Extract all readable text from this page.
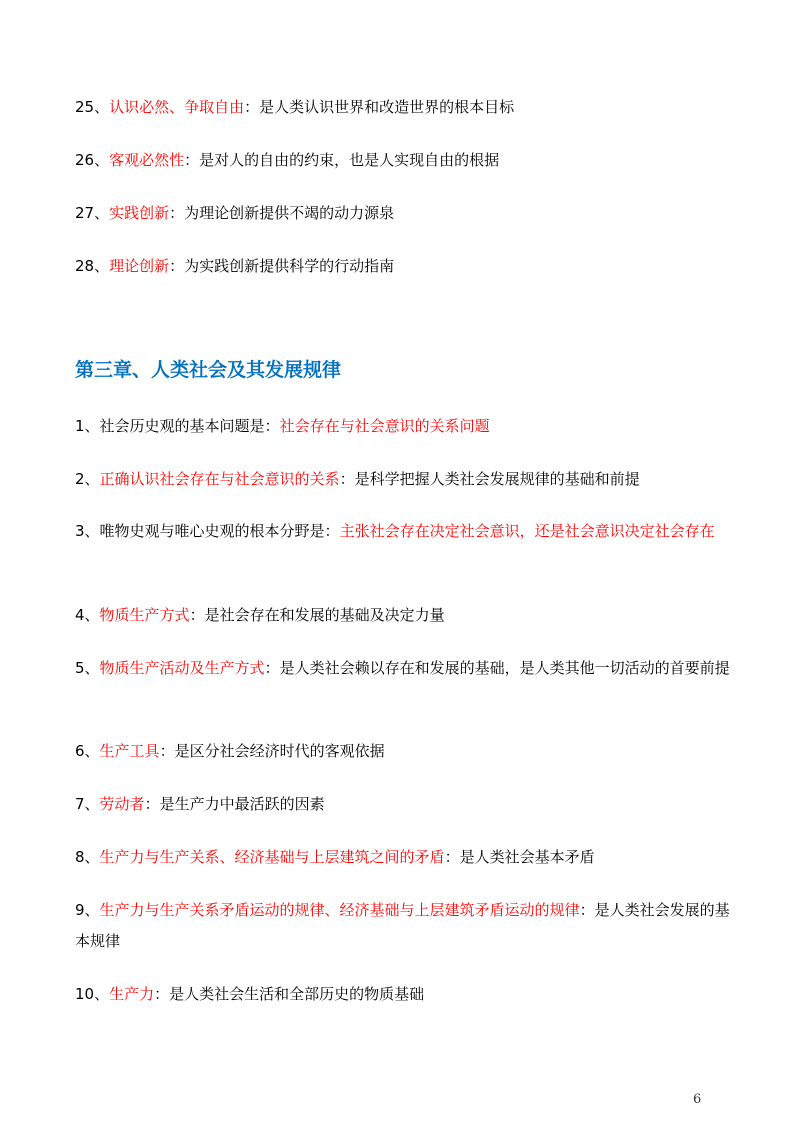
25、认识必然、争取自由：是人类认识世界和改造世界的根本目标
26、客观必然性：是对人的自由的约束，也是人实现自由的根据
27、实践创新：为理论创新提供不竭的动力源泉
28、理论创新：为实践创新提供科学的行动指南
第三章、人类社会及其发展规律
1、社会历史观的基本问题是：社会存在与社会意识的关系问题
2、正确认识社会存在与社会意识的关系：是科学把握人类社会发展规律的基础和前提
3、唯物史观与唯心史观的根本分野是：主张社会存在决定社会意识，还是社会意识决定社会存在
4、物质生产方式：是社会存在和发展的基础及决定力量
5、物质生产活动及生产方式：是人类社会赖以存在和发展的基础，是人类其他一切活动的首要前提
6、生产工具：是区分社会经济时代的客观依据
7、劳动者：是生产力中最活跃的因素
8、生产力与生产关系、经济基础与上层建筑之间的矛盾：是人类社会基本矛盾
9、生产力与生产关系矛盾运动的规律、经济基础与上层建筑矛盾运动的规律：是人类社会发展的基本规律
10、生产力：是人类社会生活和全部历史的物质基础
6
